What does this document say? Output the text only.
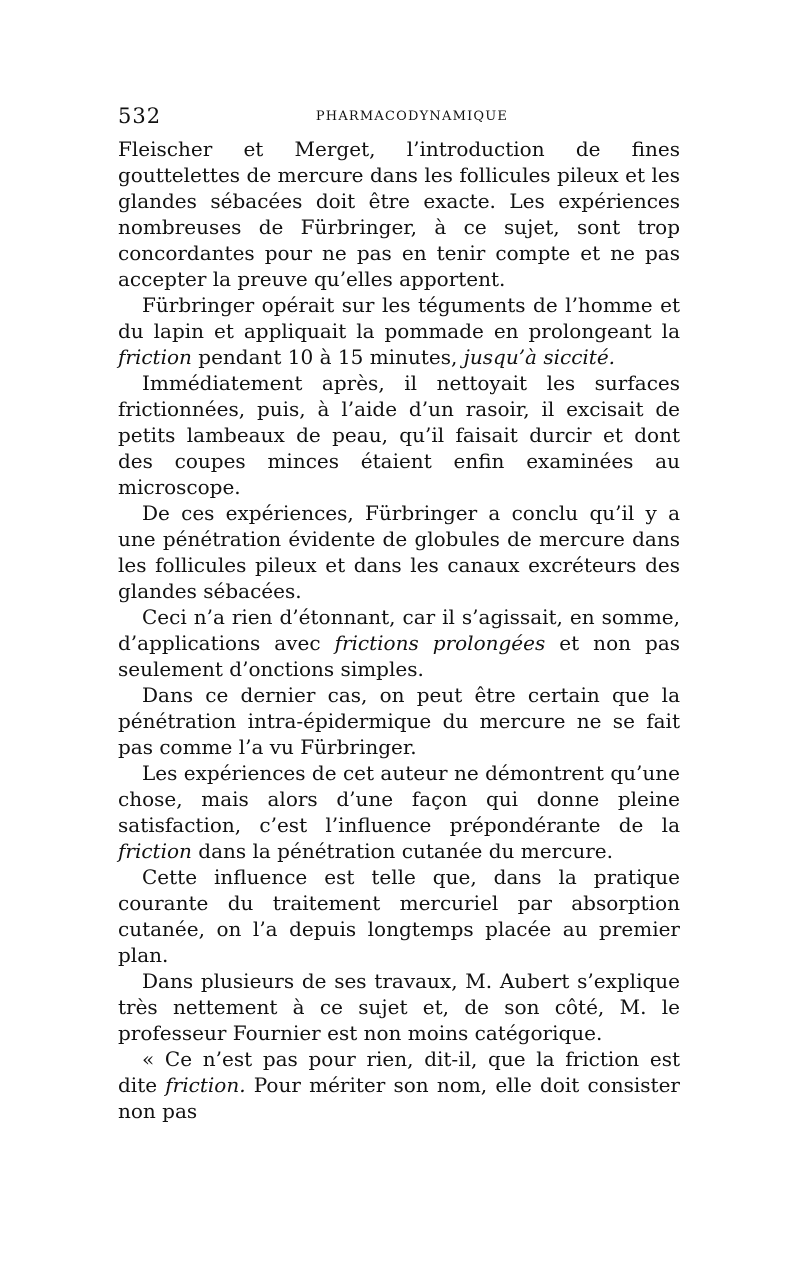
532	PHARMACODYNAMIQUE

Fleischer et Merget, l’introduction de fines gouttelettes de mercure dans les follicules pileux et les glandes sébacées doit être exacte. Les expériences nombreuses de Fürbringer, à ce sujet, sont trop concordantes pour ne pas en tenir compte et ne pas accepter la preuve qu’elles apportent.

Fürbringer opérait sur les téguments de l’homme et du lapin et appliquait la pommade en prolongeant la friction pendant 10 à 15 minutes, jusqu’à siccité.

Immédiatement après, il nettoyait les surfaces frictionnées, puis, à l’aide d’un rasoir, il excisait de petits lambeaux de peau, qu’il faisait durcir et dont des coupes minces étaient enfin examinées au microscope.

De ces expériences, Fürbringer a conclu qu’il y a une pénétration évidente de globules de mercure dans les follicules pileux et dans les canaux excréteurs des glandes sébacées.

Ceci n’a rien d’étonnant, car il s’agissait, en somme, d’applications avec frictions prolongées et non pas seulement d’onctions simples.

Dans ce dernier cas, on peut être certain que la pénétration intra-épidermique du mercure ne se fait pas comme l’a vu Fürbringer.

Les expériences de cet auteur ne démontrent qu’une chose, mais alors d’une façon qui donne pleine satisfaction, c’est l’influence prépondérante de la friction dans la pénétration cutanée du mercure.

Cette influence est telle que, dans la pratique courante du traitement mercuriel par absorption cutanée, on l’a depuis longtemps placée au premier plan.

Dans plusieurs de ses travaux, M. Aubert s’explique très nettement à ce sujet et, de son côté, M. le professeur Fournier est non moins catégorique.

« Ce n’est pas pour rien, dit-il, que la friction est dite friction. Pour mériter son nom, elle doit consister non pas
